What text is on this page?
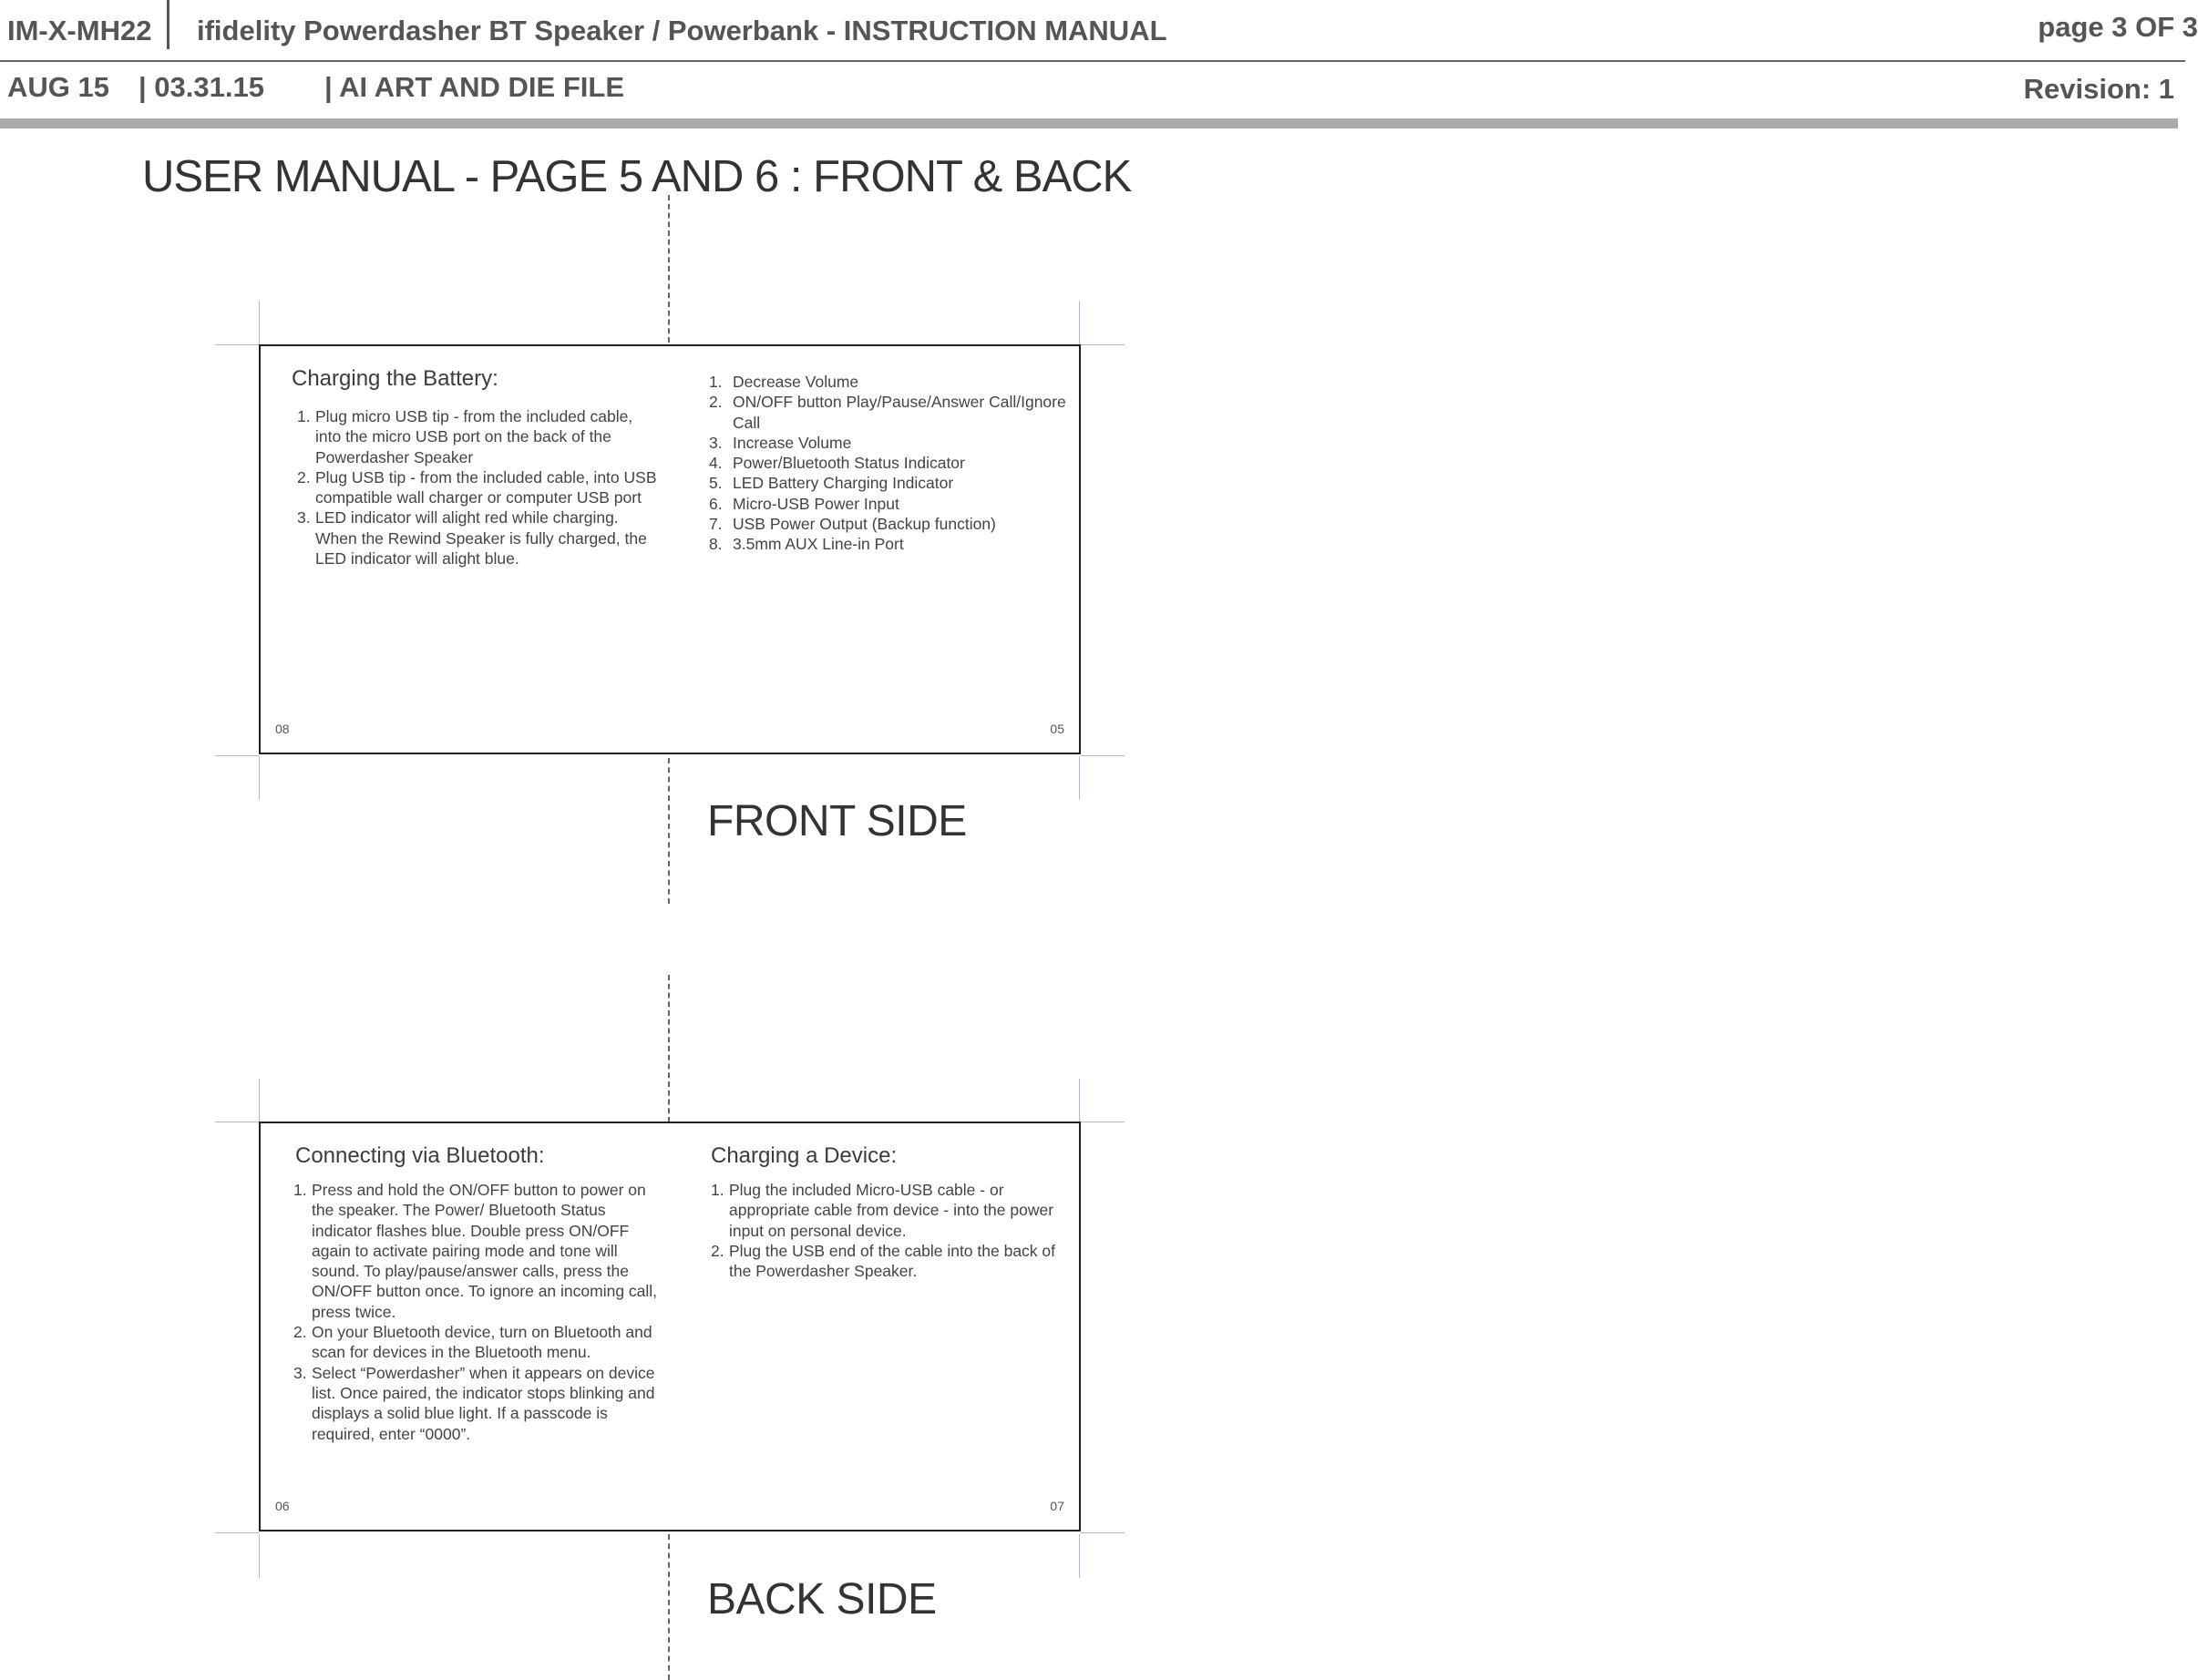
IM-X-MH22 ifidelity Powerdasher BT Speaker / Powerbank - INSTRUCTION MANUAL	page 3 OF 3
AUG 15 | 03.31.15 | AI ART AND DIE FILE	Revision: 1
USER MANUAL - PAGE 5 AND 6 : FRONT & BACK
Charging the Battery:
1. Plug micro USB tip - from the included cable, into the micro USB port on the back of the Powerdasher Speaker
2. Plug USB tip - from the included cable, into USB compatible wall charger or computer USB port
3. LED indicator will alight red while charging. When the Rewind Speaker is fully charged, the LED indicator will alight blue.
1. Decrease Volume
2. ON/OFF button Play/Pause/Answer Call/Ignore Call
3. Increase Volume
4. Power/Bluetooth Status Indicator
5. LED Battery Charging Indicator
6. Micro-USB Power Input
7. USB Power Output (Backup function)
8. 3.5mm AUX Line-in Port
08	05
FRONT SIDE
Connecting via Bluetooth:
1. Press and hold the ON/OFF button to power on the speaker. The Power/ Bluetooth Status indicator flashes blue. Double press ON/OFF again to activate pairing mode and tone will sound. To play/pause/answer calls, press the ON/OFF button once. To ignore an incoming call, press twice.
2. On your Bluetooth device, turn on Bluetooth and scan for devices in the Bluetooth menu.
3. Select “Powerdasher” when it appears on device list. Once paired, the indicator stops blinking and displays a solid blue light. If a passcode is required, enter “0000”.
Charging a Device:
1. Plug the included Micro-USB cable - or appropriate cable from device - into the power input on personal device.
2. Plug the USB end of the cable into the back of the Powerdasher Speaker.
06	07
BACK SIDE
